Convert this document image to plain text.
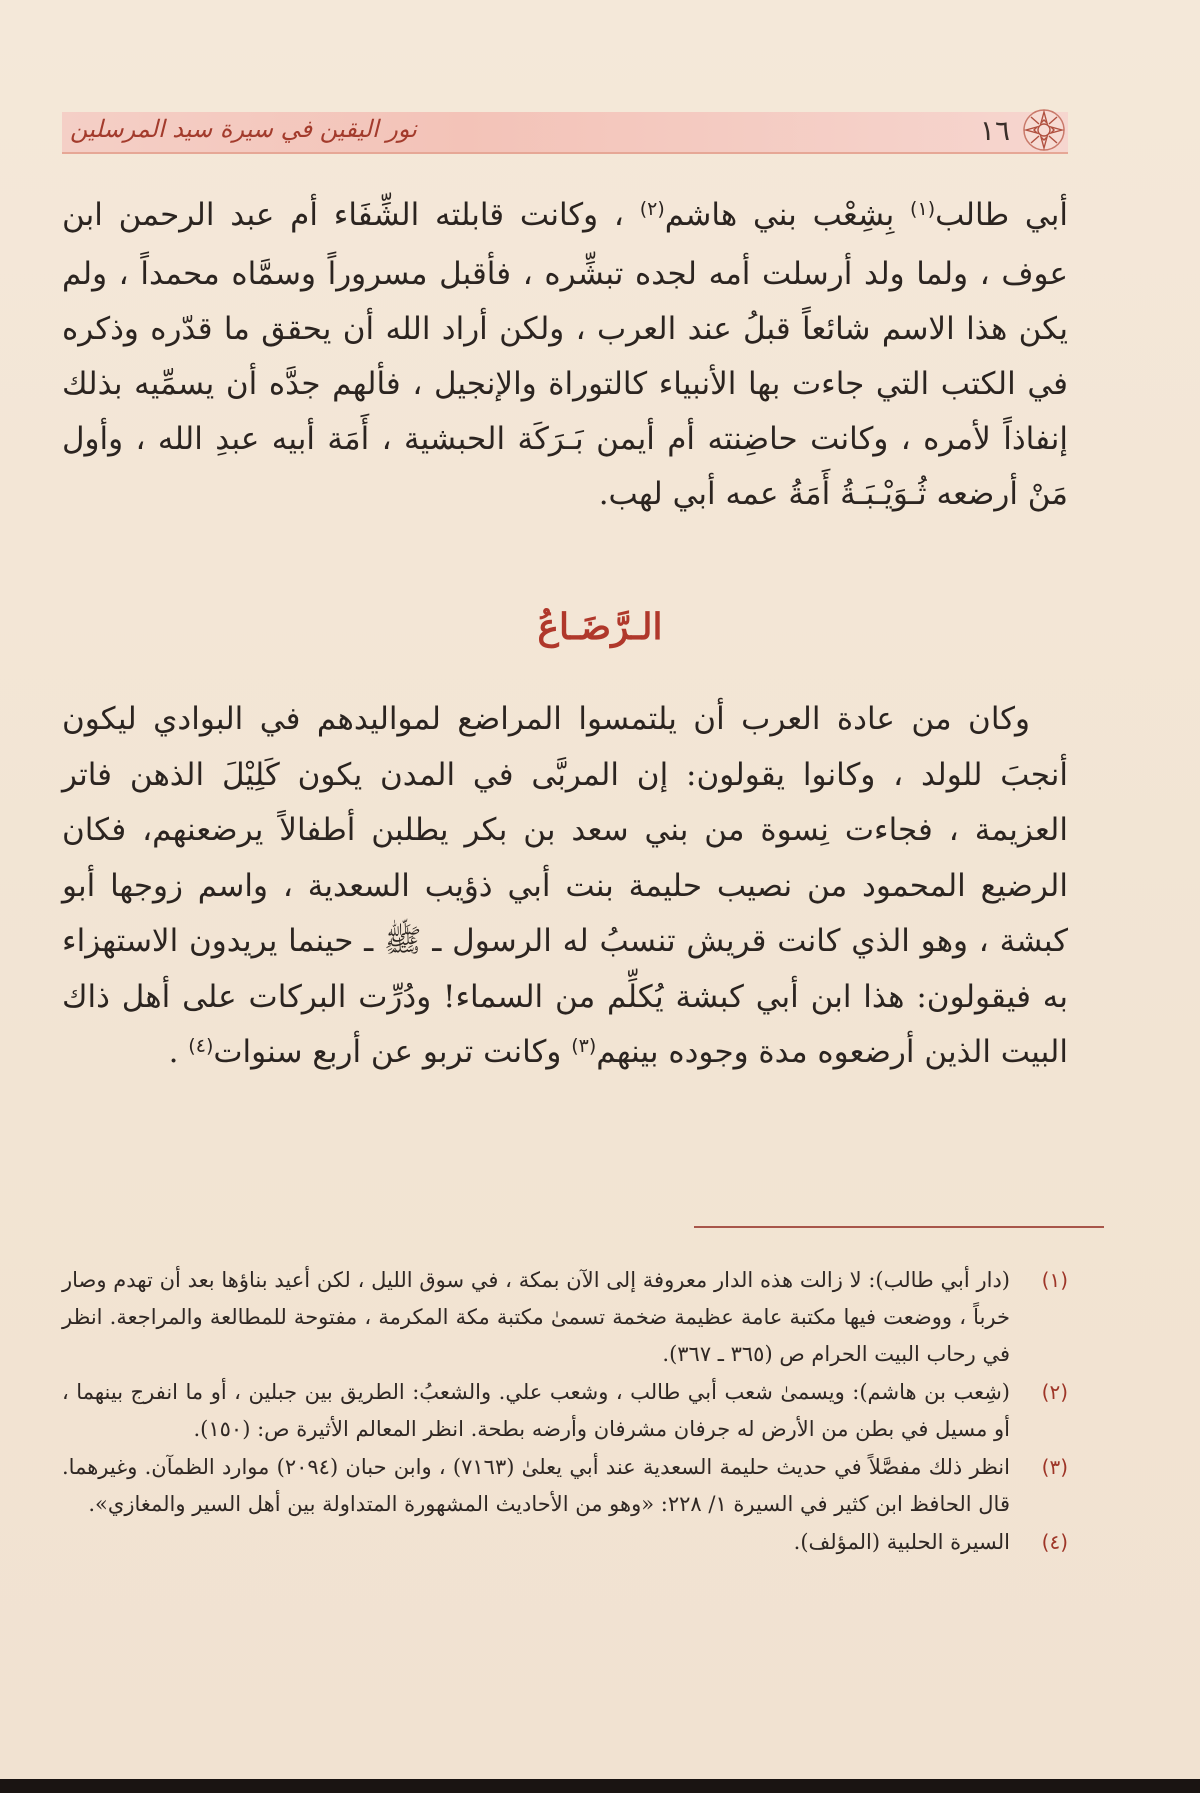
١٦
نور اليقين في سيرة سيد المرسلين

أبي طالب$^{(١)}$ بِشِعْب بني هاشم$^{(٢)}$ ، وكانت قابلته الشِّفَاء أم عبد الرحمن ابن عوف ، ولما ولد أرسلت أمه لجده تبشِّره ، فأقبل مسروراً وسمَّاه محمداً ، ولم يكن هذا الاسم شائعاً قبلُ عند العرب ، ولكن أراد الله أن يحقق ما قدّره وذكره في الكتب التي جاءت بها الأنبياء كالتوراة والإنجيل ، فألهم جدَّه أن يسمِّيه بذلك إنفاذاً لأمره ، وكانت حاضِنته أم أيمن بَـرَكَة الحبشية ، أَمَة أبيه عبدِ الله ، وأول مَنْ أرضعه ثُـوَيْـبَـةُ أَمَةُ عمه أبي لهب.

الـرَّضَـاعُ

وكان من عادة العرب أن يلتمسوا المراضع لمواليدهم في البوادي ليكون أنجبَ للولد ، وكانوا يقولون: إن المربَّى في المدن يكون كَلِيْلَ الذهن فاتر العزيمة ، فجاءت نِسوة من بني سعد بن بكر يطلبن أطفالاً يرضعنهم، فكان الرضيع المحمود من نصيب حليمة بنت أبي ذؤيب السعدية ، واسم زوجها أبو كبشة ، وهو الذي كانت قريش تنسبُ له الرسول ـ ﷺ ـ حينما يريدون الاستهزاء به فيقولون: هذا ابن أبي كبشة يُكلِّم من السماء! ودُرِّت البركات على أهل ذاك البيت الذين أرضعوه مدة وجوده بينهم$^{(٣)}$ وكانت تربو عن أربع سنوات$^{(٤)}$ .

(١)
(دار أبي طالب): لا زالت هذه الدار معروفة إلى الآن بمكة ، في سوق الليل ، لكن أعيد بناؤها بعد أن تهدم وصار خرباً ، ووضعت فيها مكتبة عامة عظيمة ضخمة تسمىٰ مكتبة مكة المكرمة ، مفتوحة للمطالعة والمراجعة. انظر في رحاب البيت الحرام ص (٣٦٥ ـ ٣٦٧).
(٢)
(شِعب بن هاشم): ويسمىٰ شعب أبي طالب ، وشعب علي. والشعبُ: الطريق بين جبلين ، أو ما انفرج بينهما ، أو مسيل في بطن من الأرض له جرفان مشرفان وأرضه بطحة. انظر المعالم الأثيرة ص: (١٥٠).
(٣)
انظر ذلك مفصَّلاً في حديث حليمة السعدية عند أبي يعلىٰ (٧١٦٣) ، وابن حبان (٢٠٩٤) موارد الظمآن. وغيرهما. قال الحافظ ابن كثير في السيرة ١/ ٢٢٨: «وهو من الأحاديث المشهورة المتداولة بين أهل السير والمغازي».
(٤)
السيرة الحلبية (المؤلف).
